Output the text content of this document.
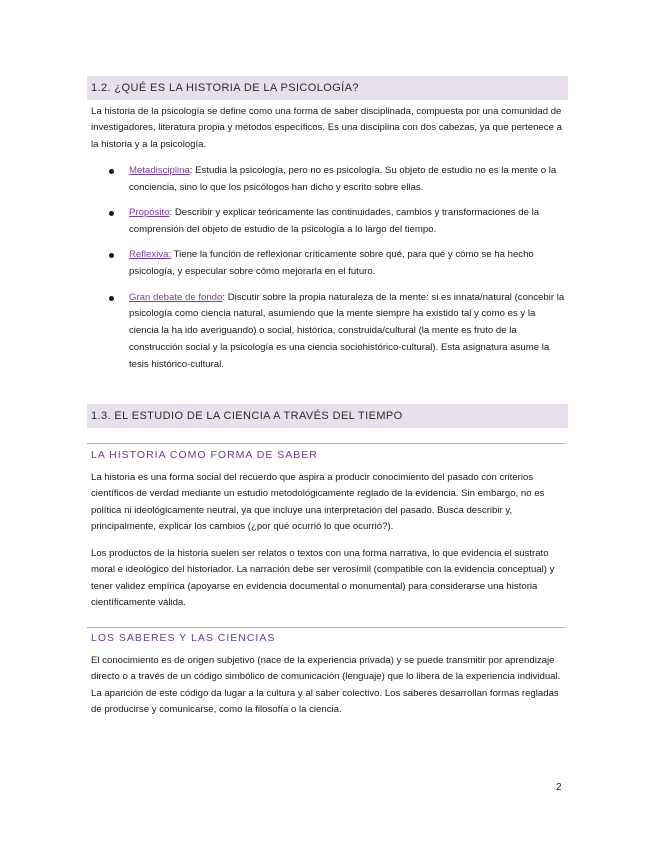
1.2. ¿QUÉ ES LA HISTORIA DE LA PSICOLOGÍA?

La historia de la psicología se define como una forma de saber disciplinada, compuesta por una comunidad de investigadores, literatura propia y métodos específicos. Es una disciplina con dos cabezas, ya que pertenece a la historia y a la psicología.

Metadisciplina: Estudia la psicología, pero no es psicología. Su objeto de estudio no es la mente o la conciencia, sino lo que los psicólogos han dicho y escrito sobre ellas.
Propósito: Describir y explicar teóricamente las continuidades, cambios y transformaciones de la comprensión del objeto de estudio de la psicología a lo largo del tiempo.
Reflexiva: Tiene la función de reflexionar críticamente sobre qué, para qué y cómo se ha hecho psicología, y especular sobre cómo mejorarla en el futuro.
Gran debate de fondo: Discutir sobre la propia naturaleza de la mente: si es innata/natural (concebir la psicología como ciencia natural, asumiendo que la mente siempre ha existido tal y como es y la ciencia la ha ido averiguando) o social, histórica, construida/cultural (la mente es fruto de la construcción social y la psicología es una ciencia sociohistórico-cultural). Esta asignatura asume la tesis histórico-cultural.
1.3. EL ESTUDIO DE LA CIENCIA A TRAVÉS DEL TIEMPO
LA HISTORIA COMO FORMA DE SABER

La historia es una forma social del recuerdo que aspira a producir conocimiento del pasado con criterios científicos de verdad mediante un estudio metodológicamente reglado de la evidencia. Sin embargo, no es política ni ideológicamente neutral, ya que incluye una interpretación del pasado. Busca describir y, principalmente, explicar los cambios (¿por qué ocurrió lo que ocurrió?).

Los productos de la historia suelen ser relatos o textos con una forma narrativa, lo que evidencia el sustrato moral e ideológico del historiador. La narración debe ser verosímil (compatible con la evidencia conceptual) y tener validez empírica (apoyarse en evidencia documental o monumental) para considerarse una historia científicamente válida.

LOS SABERES Y LAS CIENCIAS

El conocimiento es de origen subjetivo (nace de la experiencia privada) y se puede transmitir por aprendizaje directo o a través de un código simbólico de comunicación (lenguaje) que lo libera de la experiencia individual. La aparición de este código da lugar a la cultura y al saber colectivo. Los saberes desarrollan formas regladas de producirse y comunicarse, como la filosofía o la ciencia.

2
